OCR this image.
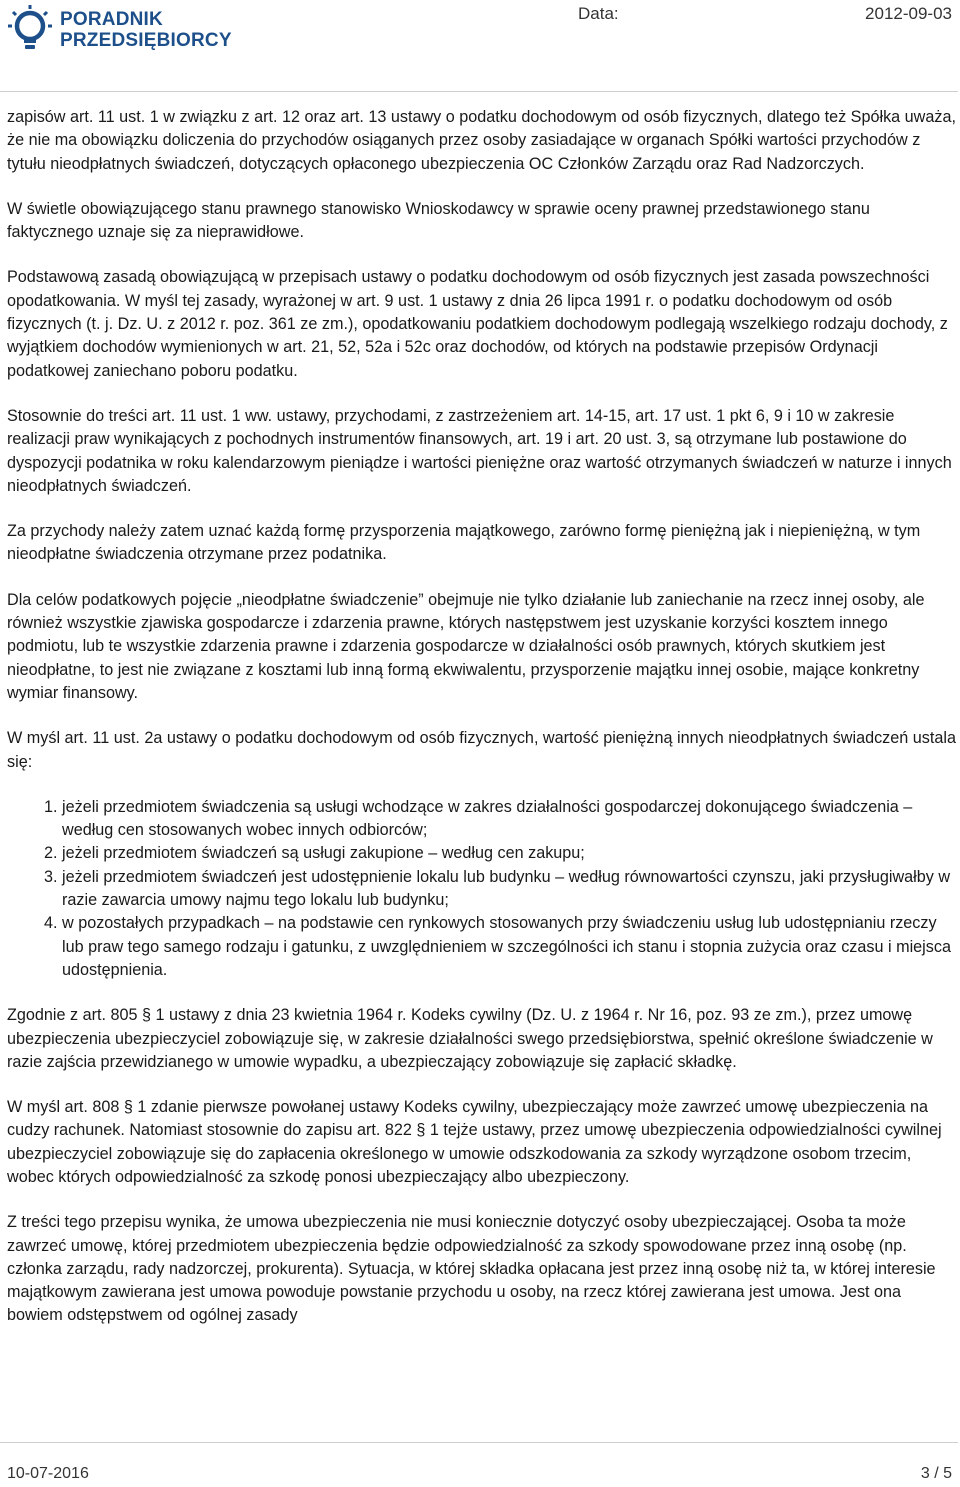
PORADNIK
PRZEDSIĘBIORCY
Data:	2012-09-03

zapisów art. 11 ust. 1 w związku z art. 12 oraz art. 13 ustawy o podatku dochodowym od osób fizycznych, dlatego też Spółka uważa, że nie ma obowiązku doliczenia do przychodów osiąganych przez osoby zasiadające w organach Spółki wartości przychodów z tytułu nieodpłatnych świadczeń, dotyczących opłaconego ubezpieczenia OC Członków Zarządu oraz Rad Nadzorczych.

W świetle obowiązującego stanu prawnego stanowisko Wnioskodawcy w sprawie oceny prawnej przedstawionego stanu faktycznego uznaje się za nieprawidłowe.

Podstawową zasadą obowiązującą w przepisach ustawy o podatku dochodowym od osób fizycznych jest zasada powszechności opodatkowania. W myśl tej zasady, wyrażonej w art. 9 ust. 1 ustawy z dnia 26 lipca 1991 r. o podatku dochodowym od osób fizycznych (t. j. Dz. U. z 2012 r. poz. 361 ze zm.), opodatkowaniu podatkiem dochodowym podlegają wszelkiego rodzaju dochody, z wyjątkiem dochodów wymienionych w art. 21, 52, 52a i 52c oraz dochodów, od których na podstawie przepisów Ordynacji podatkowej zaniechano poboru podatku.

Stosownie do treści art. 11 ust. 1 ww. ustawy, przychodami, z zastrzeżeniem art. 14-15, art. 17 ust. 1 pkt 6, 9 i 10 w zakresie realizacji praw wynikających z pochodnych instrumentów finansowych, art. 19 i art. 20 ust. 3, są otrzymane lub postawione do dyspozycji podatnika w roku kalendarzowym pieniądze i wartości pieniężne oraz wartość otrzymanych świadczeń w naturze i innych nieodpłatnych świadczeń.

Za przychody należy zatem uznać każdą formę przysporzenia majątkowego, zarówno formę pieniężną jak i niepieniężną, w tym nieodpłatne świadczenia otrzymane przez podatnika.

Dla celów podatkowych pojęcie „nieodpłatne świadczenie” obejmuje nie tylko działanie lub zaniechanie na rzecz innej osoby, ale również wszystkie zjawiska gospodarcze i zdarzenia prawne, których następstwem jest uzyskanie korzyści kosztem innego podmiotu, lub te wszystkie zdarzenia prawne i zdarzenia gospodarcze w działalności osób prawnych, których skutkiem jest nieodpłatne, to jest nie związane z kosztami lub inną formą ekwiwalentu, przysporzenie majątku innej osobie, mające konkretny wymiar finansowy.

W myśl art. 11 ust. 2a ustawy o podatku dochodowym od osób fizycznych, wartość pieniężną innych nieodpłatnych świadczeń ustala się:

1. jeżeli przedmiotem świadczenia są usługi wchodzące w zakres działalności gospodarczej dokonującego świadczenia – według cen stosowanych wobec innych odbiorców;
2. jeżeli przedmiotem świadczeń są usługi zakupione – według cen zakupu;
3. jeżeli przedmiotem świadczeń jest udostępnienie lokalu lub budynku – według równowartości czynszu, jaki przysługiwałby w razie zawarcia umowy najmu tego lokalu lub budynku;
4. w pozostałych przypadkach – na podstawie cen rynkowych stosowanych przy świadczeniu usług lub udostępnianiu rzeczy lub praw tego samego rodzaju i gatunku, z uwzględnieniem w szczególności ich stanu i stopnia zużycia oraz czasu i miejsca udostępnienia.

Zgodnie z art. 805 § 1 ustawy z dnia 23 kwietnia 1964 r. Kodeks cywilny (Dz. U. z 1964 r. Nr 16, poz. 93 ze zm.), przez umowę ubezpieczenia ubezpieczyciel zobowiązuje się, w zakresie działalności swego przedsiębiorstwa, spełnić określone świadczenie w razie zajścia przewidzianego w umowie wypadku, a ubezpieczający zobowiązuje się zapłacić składkę.

W myśl art. 808 § 1 zdanie pierwsze powołanej ustawy Kodeks cywilny, ubezpieczający może zawrzeć umowę ubezpieczenia na cudzy rachunek. Natomiast stosownie do zapisu art. 822 § 1 tejże ustawy, przez umowę ubezpieczenia odpowiedzialności cywilnej ubezpieczyciel zobowiązuje się do zapłacenia określonego w umowie odszkodowania za szkody wyrządzone osobom trzecim, wobec których odpowiedzialność za szkodę ponosi ubezpieczający albo ubezpieczony.

Z treści tego przepisu wynika, że umowa ubezpieczenia nie musi koniecznie dotyczyć osoby ubezpieczającej. Osoba ta może zawrzeć umowę, której przedmiotem ubezpieczenia będzie odpowiedzialność za szkody spowodowane przez inną osobę (np. członka zarządu, rady nadzorczej, prokurenta). Sytuacja, w której składka opłacana jest przez inną osobę niż ta, w której interesie majątkowym zawierana jest umowa powoduje powstanie przychodu u osoby, na rzecz której zawierana jest umowa. Jest ona bowiem odstępstwem od ogólnej zasady

10-07-2016	3 / 5
